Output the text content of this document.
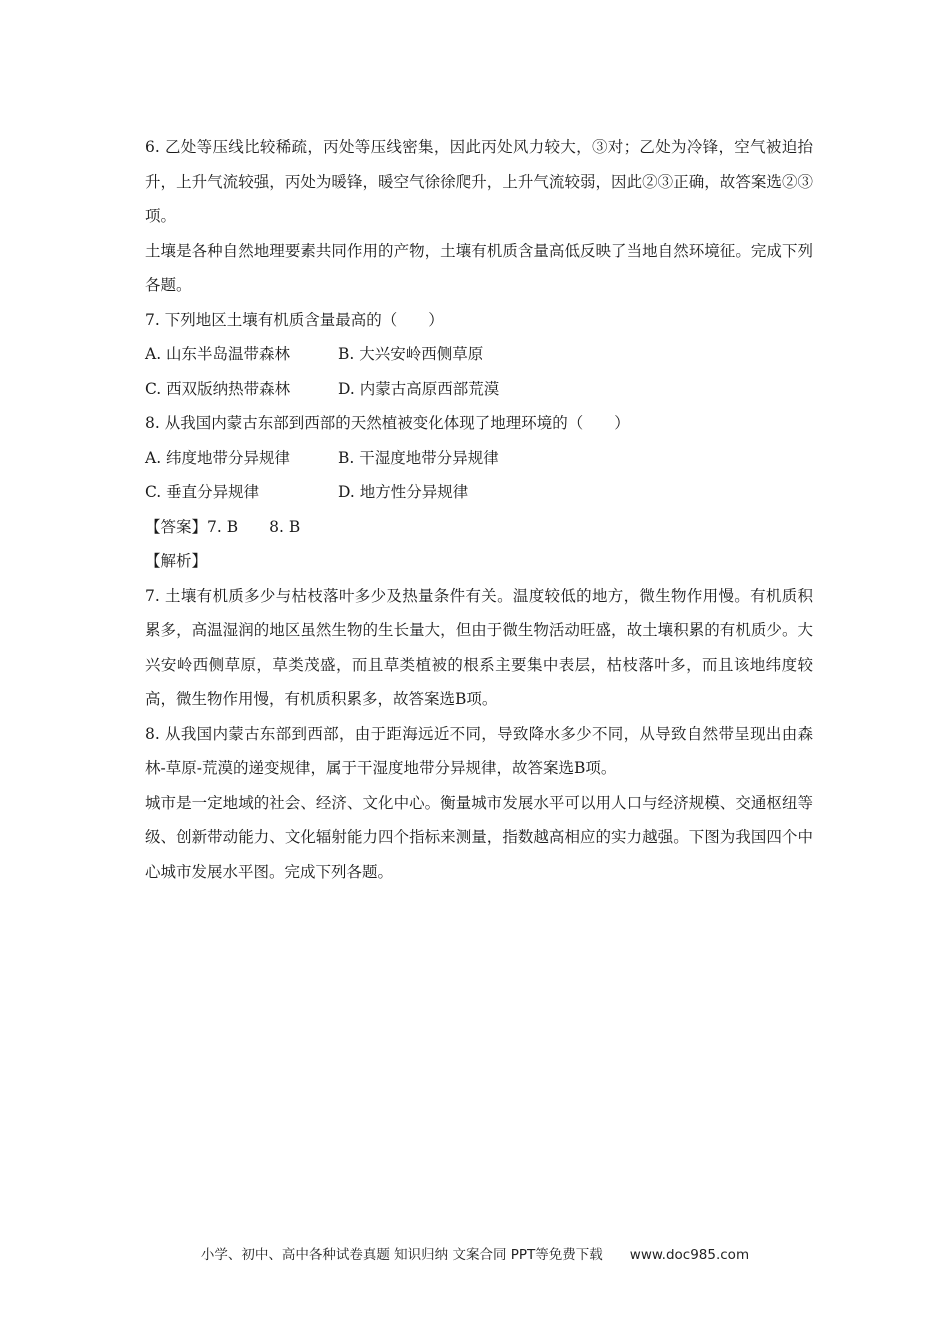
6. 乙处等压线比较稀疏，丙处等压线密集，因此丙处风力较大，③对；乙处为冷锋，空气被迫抬升，上升气流较强，丙处为暖锋，暖空气徐徐爬升，上升气流较弱，因此②③正确，故答案选②③项。

土壤是各种自然地理要素共同作用的产物，土壤有机质含量高低反映了当地自然环境征。完成下列各题。

7. 下列地区土壤有机质含量最高的（　　）

A. 山东半岛温带森林	B. 大兴安岭西侧草原
C. 西双版纳热带森林	D. 内蒙古高原西部荒漠

8. 从我国内蒙古东部到西部的天然植被变化体现了地理环境的（　　）

A. 纬度地带分异规律	B. 干湿度地带分异规律
C. 垂直分异规律	D. 地方性分异规律

【答案】7. B　　8. B

【解析】

7. 土壤有机质多少与枯枝落叶多少及热量条件有关。温度较低的地方，微生物作用慢。有机质积累多，高温湿润的地区虽然生物的生长量大，但由于微生物活动旺盛，故土壤积累的有机质少。大兴安岭西侧草原，草类茂盛，而且草类植被的根系主要集中表层，枯枝落叶多，而且该地纬度较高，微生物作用慢，有机质积累多，故答案选B项。

8. 从我国内蒙古东部到西部，由于距海远近不同，导致降水多少不同，从导致自然带呈现出由森林-草原-荒漠的递变规律，属于干湿度地带分异规律，故答案选B项。

城市是一定地域的社会、经济、文化中心。衡量城市发展水平可以用人口与经济规模、交通枢纽等级、创新带动能力、文化辐射能力四个指标来测量，指数越高相应的实力越强。下图为我国四个中心城市发展水平图。完成下列各题。

小学、初中、高中各种试卷真题 知识归纳 文案合同 PPT等免费下载　　www.doc985.com
